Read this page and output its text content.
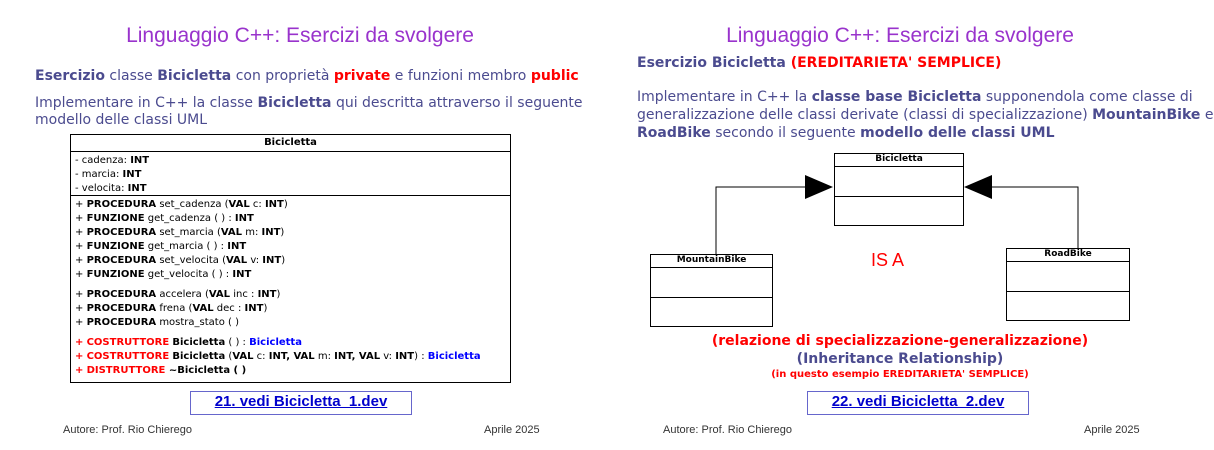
Linguaggio C++: Esercizi da svolgere
Esercizio classe Bicicletta con proprietà private e funzioni membro public
Implementare in C++ la classe Bicicletta qui descritta attraverso il seguente
modello delle classi UML
Bicicletta
- cadenza: INT
- marcia: INT
- velocita: INT
+ PROCEDURA set_cadenza (VAL c: INT)
+ FUNZIONE get_cadenza ( ) : INT
+ PROCEDURA set_marcia (VAL m: INT)
+ FUNZIONE get_marcia ( ) : INT
+ PROCEDURA set_velocita (VAL v: INT)
+ FUNZIONE get_velocita ( ) : INT
+ PROCEDURA accelera (VAL inc : INT)
+ PROCEDURA frena (VAL dec : INT)
+ PROCEDURA mostra_stato ( )
+ COSTRUTTORE Bicicletta ( ) : Bicicletta
+ COSTRUTTORE Bicicletta (VAL c: INT, VAL m: INT, VAL v: INT) : Bicicletta
+ DISTRUTTORE ~Bicicletta ( )
21. vedi Bicicletta_1.dev
Autore: Prof. Rio Chierego	Aprile 2025
Linguaggio C++: Esercizi da svolgere
Esercizio Bicicletta (EREDITARIETA' SEMPLICE)
Implementare in C++ la classe base Bicicletta supponendola come classe di
generalizzazione delle classi derivate (classi di specializzazione) MountainBike e
RoadBike secondo il seguente modello delle classi UML
Bicicletta
MountainBike
RoadBike
IS A
(relazione di specializzazione-generalizzazione)
(Inheritance Relationship)
(in questo esempio EREDITARIETA' SEMPLICE)
22. vedi Bicicletta_2.dev
Autore: Prof. Rio Chierego	Aprile 2025
